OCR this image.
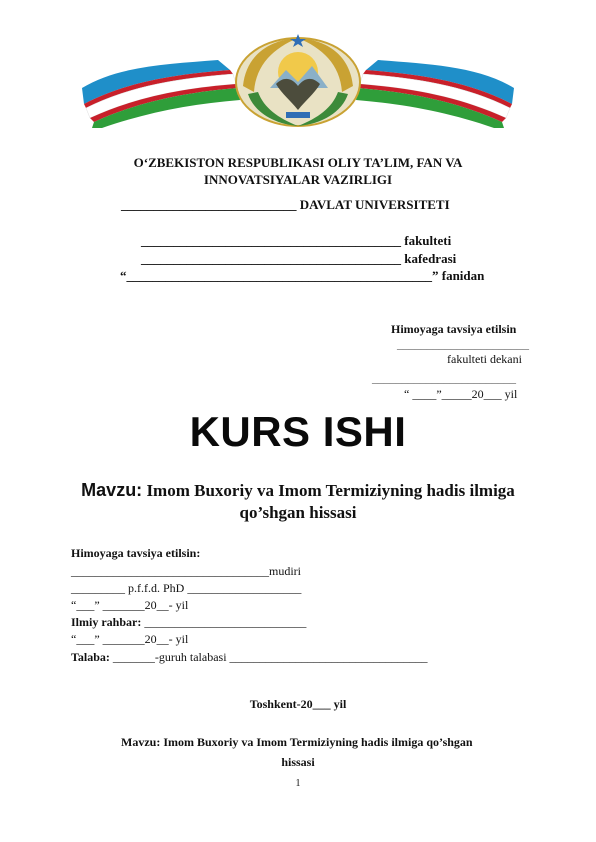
O‘ZBEKISTON RESPUBLIKASI OLIY TA’LIM, FAN VA
INNOVATSIYALAR VAZIRLIGI
___________________________ DAVLAT UNIVERSITETI
________________________________________ fakulteti
________________________________________ kafedrasi
“_______________________________________________” fanidan
Himoyaga tavsiya etilsin
______________________
fakulteti dekani
________________________
“ ____”_____20___ yil
KURS ISHI
Mavzu: Imom Buxoriy va Imom Termiziyning hadis ilmiga
qo’shgan hissasi
Himoyaga tavsiya etilsin:
_________________________________mudiri
_________ p.f.f.d. PhD ___________________
“___” _______20__- yil
Ilmiy rahbar: ___________________________
“___” _______20__- yil
Talaba: _______-guruh talabasi _________________________________
Toshkent-20___ yil
Mavzu: Imom Buxoriy va Imom Termiziyning hadis ilmiga qo’shgan
hissasi
1
